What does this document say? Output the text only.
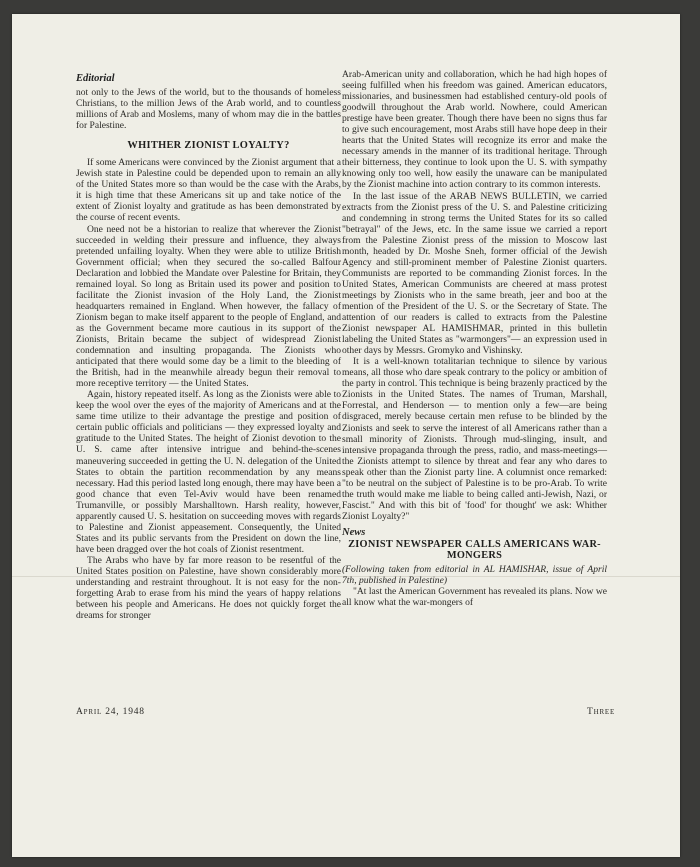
Editorial

not only to the Jews of the world, but to the thousands of homeless Christians, to the million Jews of the Arab world, and to countless millions of Arab and Moslems, many of whom may die in the battles for Palestine.

WHITHER ZIONIST LOYALTY?

If some Americans were convinced by the Zionist argument that a Jewish state in Palestine could be depended upon to remain an ally of the United States more so than would be the case with the Arabs, it is high time that these Americans sit up and take notice of the extent of Zionist loyalty and gratitude as has been demonstrated by the course of recent events.

One need not be a historian to realize that wherever the Zionist succeeded in welding their pressure and influence, they always pretended unfailing loyalty. When they were able to utilize British Government official; when they secured the so-called Balfour Declaration and lobbied the Mandate over Palestine for Britain, they remained loyal. So long as Britain used its power and position to facilitate the Zionist invasion of the Holy Land, the Zionist headquarters remained in England. When however, the fallacy of Zionism began to make itself apparent to the people of England, and as the Government became more cautious in its support of the Zionists, Britain became the subject of widespread Zionist condemnation and insulting propaganda. The Zionists who anticipated that there would some day be a limit to the bleeding of the British, had in the meanwhile already begun their removal to more receptive territory — the United States.

Again, history repeated itself. As long as the Zionists were able to keep the wool over the eyes of the majority of Americans and at the same time utilize to their advantage the prestige and position of certain public officials and politicians — they expressed loyalty and gratitude to the United States. The height of Zionist devotion to the U. S. came after intensive intrigue and behind-the-scenes maneuvering succeeded in getting the U. N. delegation of the United States to obtain the partition recommendation by any means necessary. Had this period lasted long enough, there may have been a good chance that even Tel-Aviv would have been renamed Trumanville, or possibly Marshalltown. Harsh reality, however, apparently caused U. S. hesitation on succeeding moves with regards to Palestine and Zionist appeasement. Consequently, the United States and its public servants from the President on down the line, have been dragged over the hot coals of Zionist resentment.

The Arabs who have by far more reason to be resentful of the United States position on Palestine, have shown considerably more understanding and restraint throughout. It is not easy for the non-forgetting Arab to erase from his mind the years of happy relations between his people and Americans. He does not quickly forget the dreams for stronger

Arab-American unity and collaboration, which he had high hopes of seeing fulfilled when his freedom was gained. American educators, missionaries, and businessmen had established century-old pools of goodwill throughout the Arab world. Nowhere, could American prestige have been greater. Though there have been no signs thus far to give such encouragement, most Arabs still have hope deep in their hearts that the United States will recognize its error and make the necessary amends in the manner of its traditional heritage. Through their bitterness, they continue to look upon the U. S. with sympathy knowing only too well, how easily the unaware can be manipulated by the Zionist machine into action contrary to its common interests.

In the last issue of the ARAB NEWS BULLETIN, we carried extracts from the Zionist press of the U. S. and Palestine criticizing and condemning in strong terms the United States for its so called "betrayal" of the Jews, etc. In the same issue we carried a report from the Palestine Zionist press of the mission to Moscow last month, headed by Dr. Moshe Sneh, former official of the Jewish Agency and still-prominent member of Palestine Zionist quarters. Communists are reported to be commanding Zionist forces. In the United States, American Communists are cheered at mass protest meetings by Zionists who in the same breath, jeer and boo at the mention of the President of the U. S. or the Secretary of State. The attention of our readers is called to extracts from the Palestine Zionist newspaper AL HAMISHMAR, printed in this bulletin labeling the United States as "warmongers"— an expression used in other days by Messrs. Gromyko and Vishinsky.

It is a well-known totalitarian technique to silence by various means, all those who dare speak contrary to the policy or ambition of the party in control. This technique is being brazenly practiced by the Zionists in the United States. The names of Truman, Marshall, Forrestal, and Henderson — to mention only a few—are being disgraced, merely because certain men refuse to be blinded by the Zionists and seek to serve the interest of all Americans rather than a small minority of Zionists. Through mud-slinging, insult, and intensive propaganda through the press, radio, and mass-meetings—the Zionists attempt to silence by threat and fear any who dares to speak other than the Zionist party line. A columnist once remarked: "to be neutral on the subject of Palestine is to be pro-Arab. To write the truth would make me liable to being called anti-Jewish, Nazi, or Fascist." And with this bit of 'food' for thought' we ask: Whither Zionist Loyalty?"

News
ZIONIST NEWSPAPER CALLS AMERICANS WAR-MONGERS

(Following taken from editorial in AL HAMISHAR, issue of April 7th, published in Palestine)

"At last the American Government has revealed its plans. Now we all know what the war-mongers of

April 24, 1948	Three
